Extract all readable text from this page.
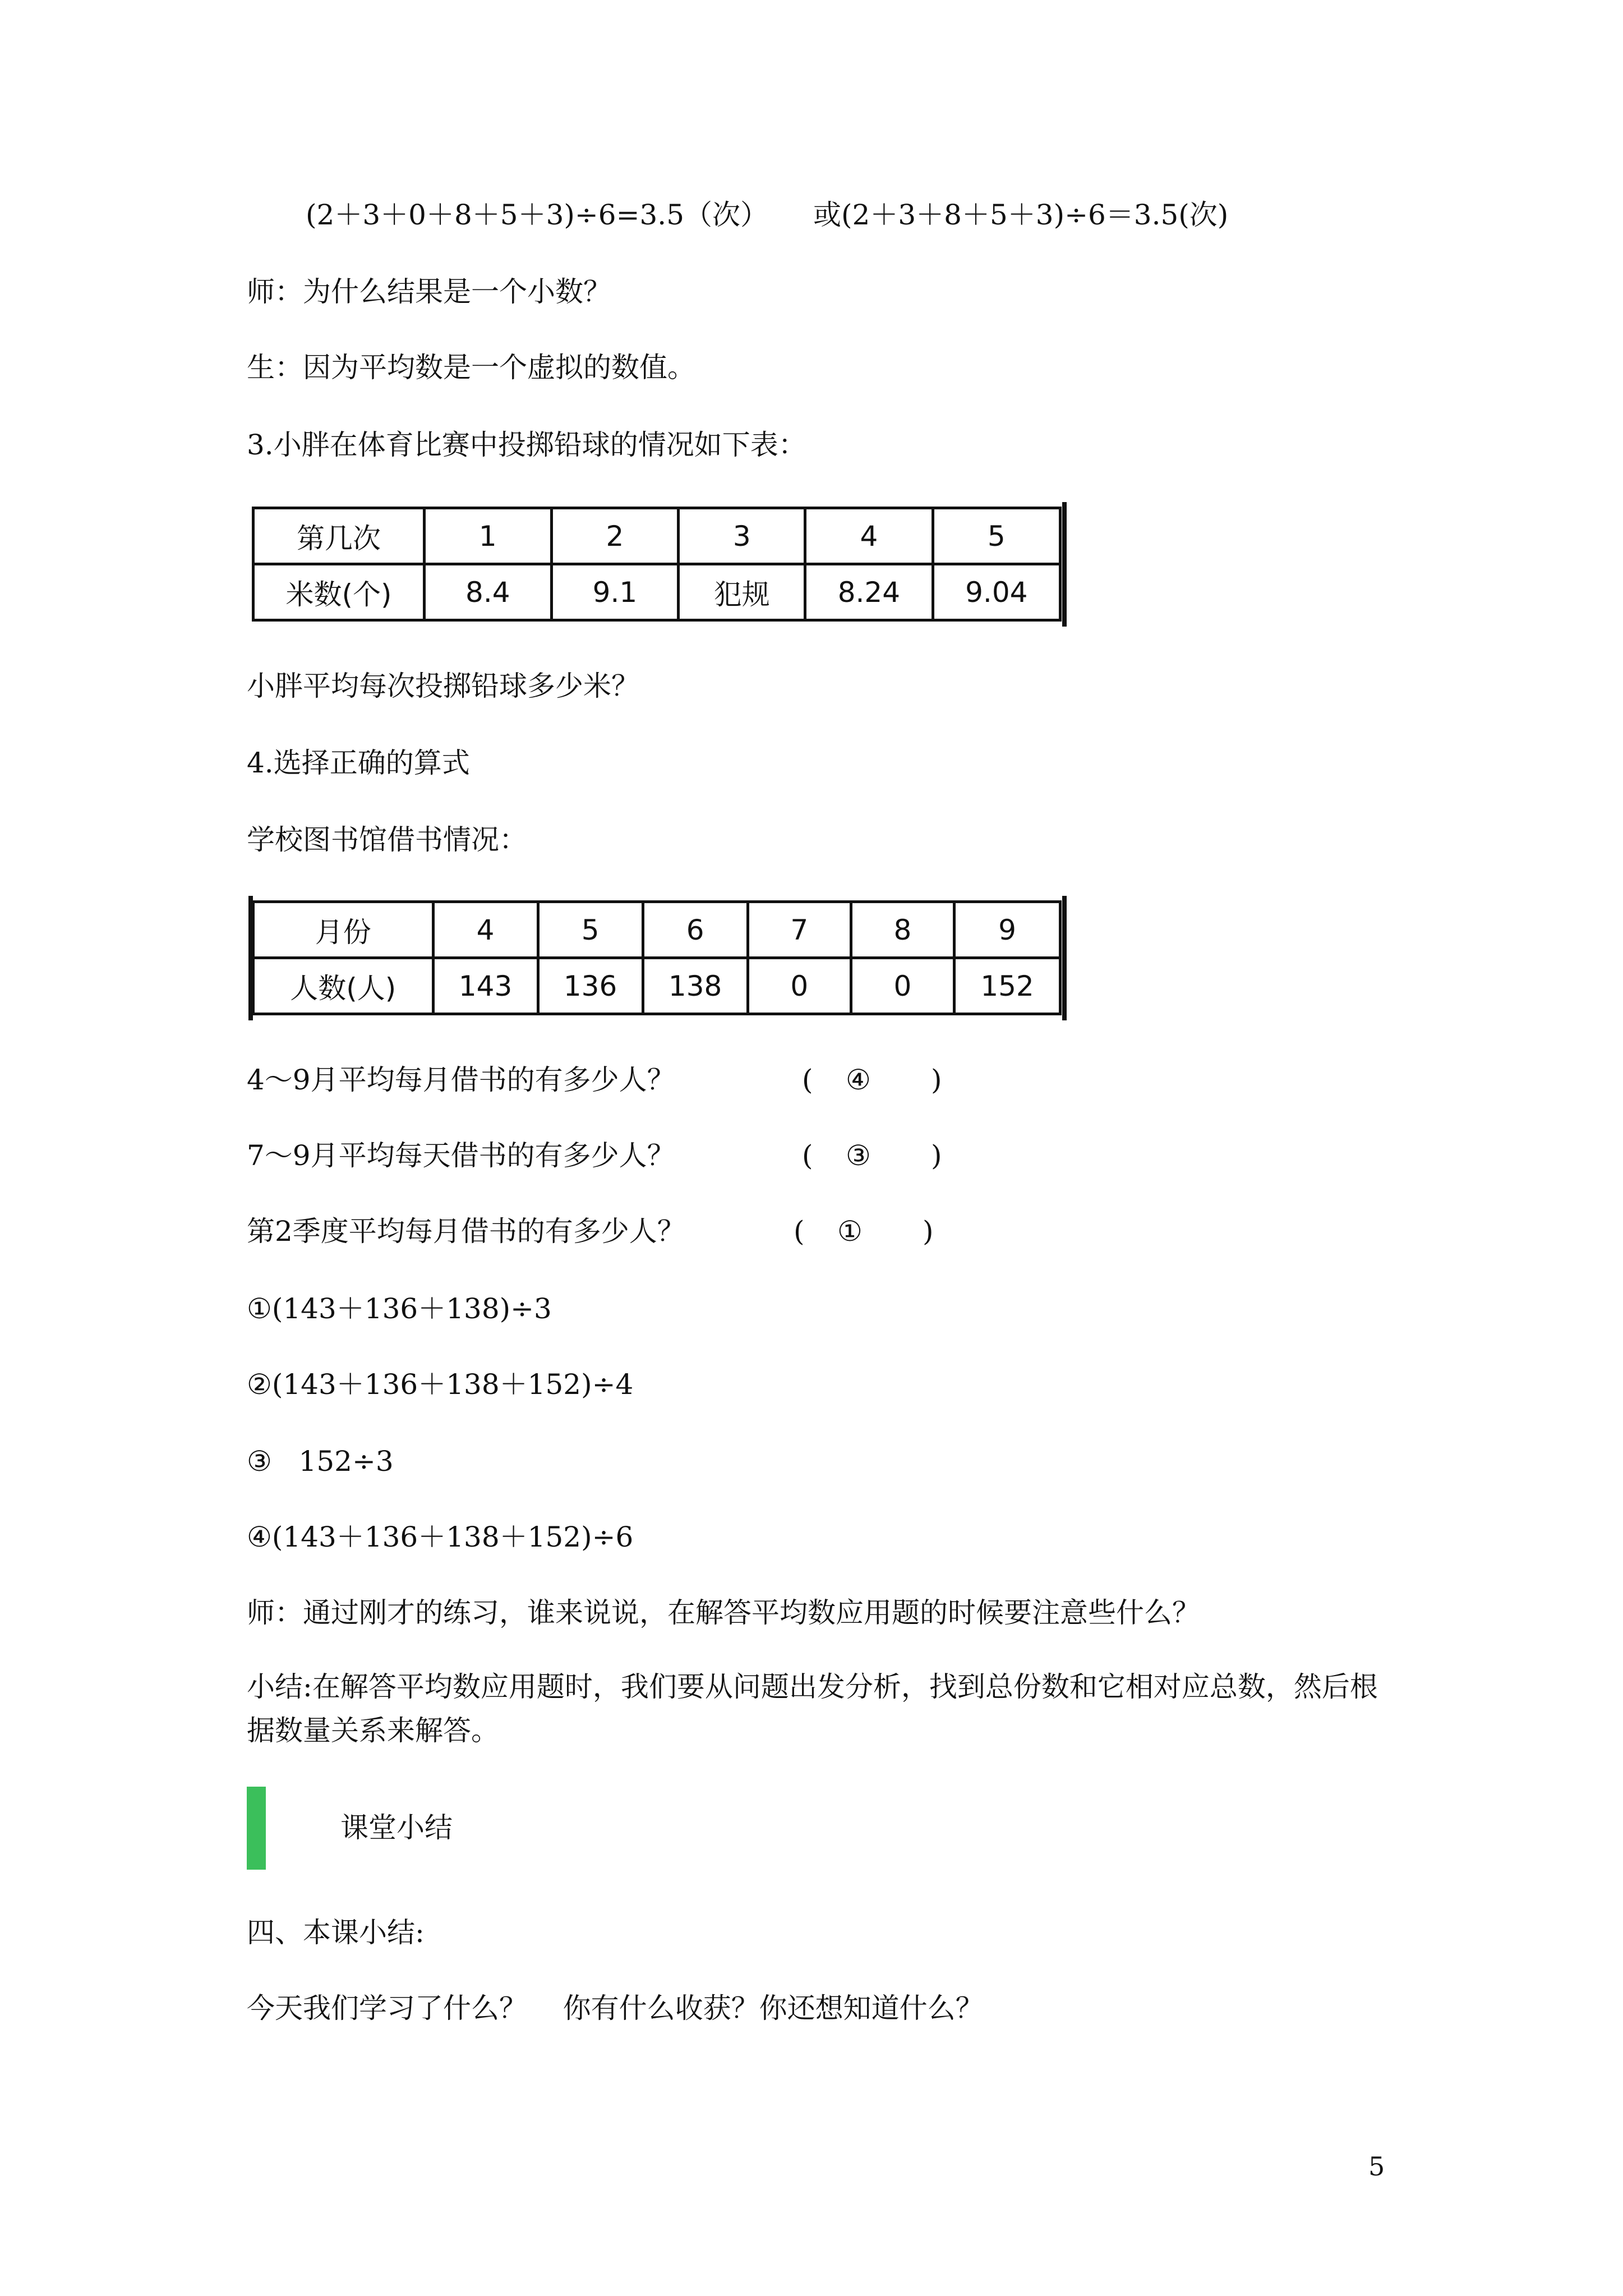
(2＋3＋0＋8＋5＋3)÷6=3.5（次） 或(2＋3＋8＋5＋3)÷6＝3.5(次)
师：为什么结果是一个小数？
生：因为平均数是一个虚拟的数值。
3.小胖在体育比赛中投掷铅球的情况如下表：
第几次	1	2	3	4	5
米数(个)	8.4	9.1	犯规	8.24	9.04
小胖平均每次投掷铅球多少米？
4.选择正确的算式
学校图书馆借书情况：
月份	4	5	6	7	8	9
人数(人)	143	136	138	0	0	152
4～9月平均每月借书的有多少人？	( ④ )
7～9月平均每天借书的有多少人？	( ③ )
第2季度平均每月借书的有多少人？	( ① )
①(143＋136＋138)÷3
②(143＋136＋138＋152)÷4
③   152÷3
④(143＋136＋138＋152)÷6
师：通过刚才的练习，谁来说说，在解答平均数应用题的时候要注意些什么？
小结:在解答平均数应用题时，我们要从问题出发分析，找到总份数和它相对应总数，然后根据数量关系来解答。
课堂小结
四、本课小结:
今天我们学习了什么？    你有什么收获？你还想知道什么？
5
